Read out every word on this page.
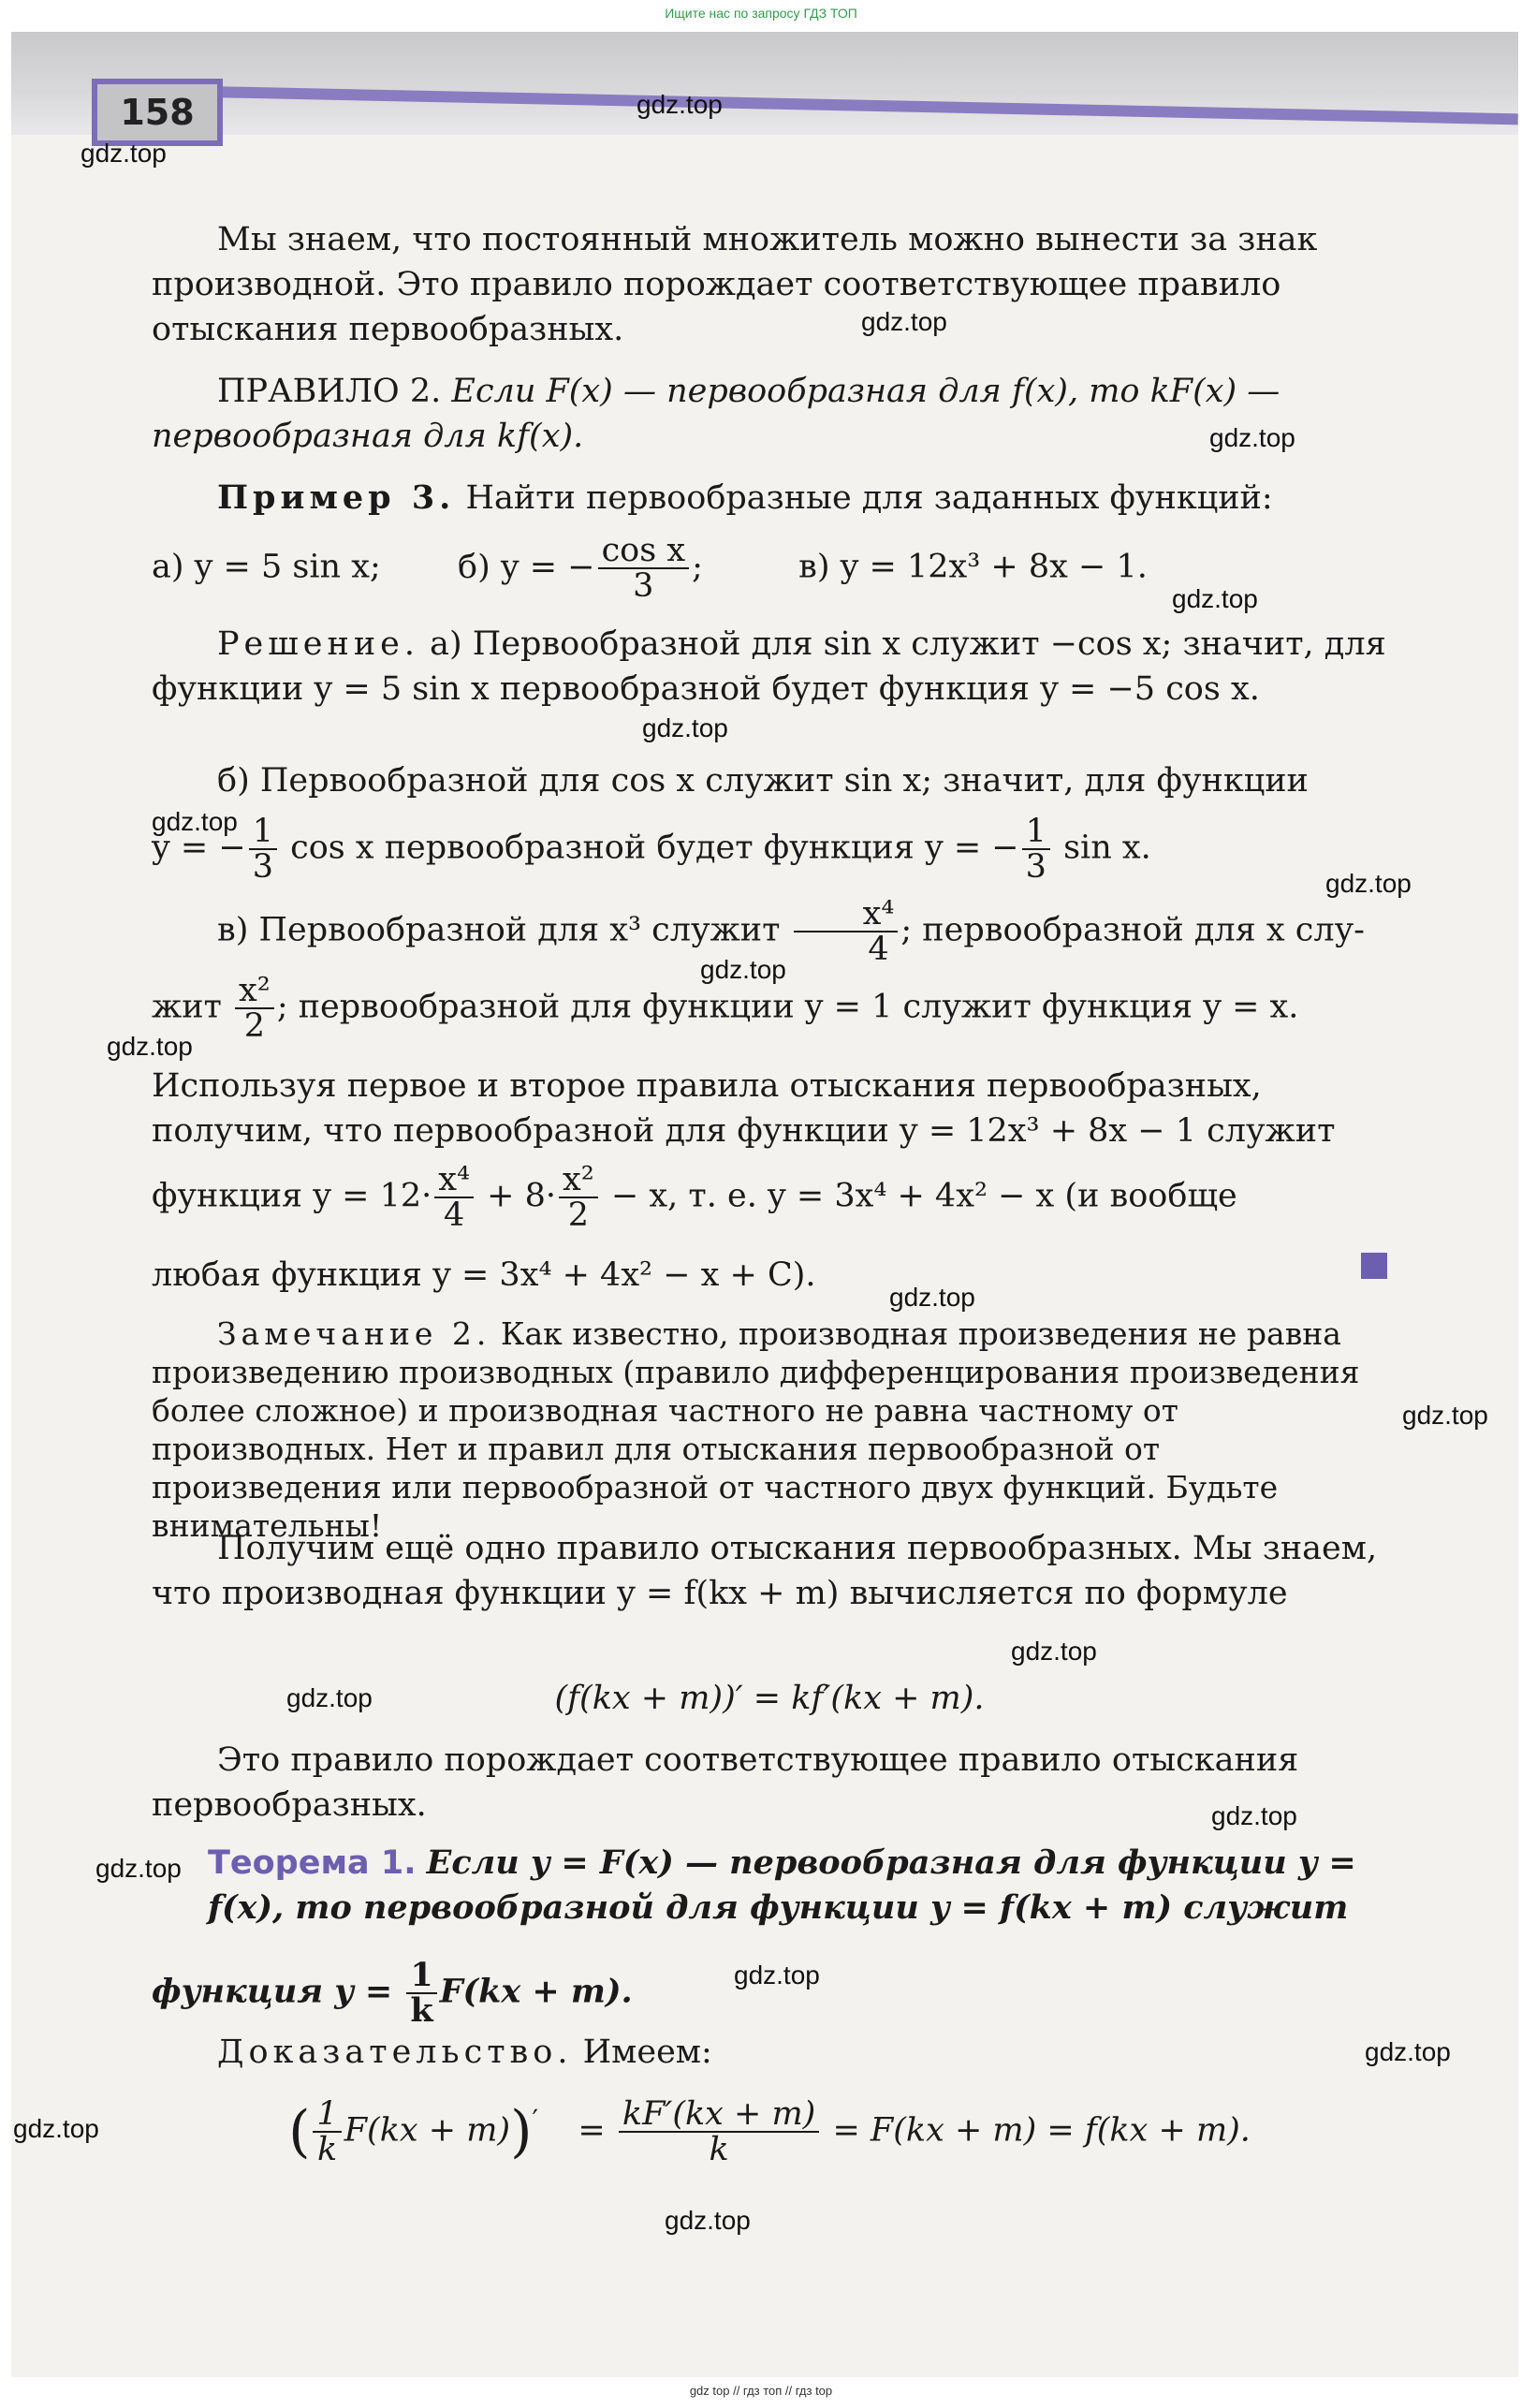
Ищите нас по запросу ГДЗ ТОП
158	gdz.top
gdz.top
gdz.top
gdz.top
gdz.top
gdz.top
gdz.top
gdz.top
gdz.top
gdz.top
gdz.top
gdz.top
gdz.top
gdz.top
gdz.top
gdz.top
gdz.top
gdz.top
gdz.top
gdz.top
Мы знаем, что постоянный множитель можно вынести за знак производной. Это правило порождает соответствующее правило отыскания первообразных.
ПРАВИЛО 2. Если F(x) — первообразная для f(x), то kF(x) — первообразная для kf(x).
Пример 3. Найти первообразные для заданных функций:
а) y = 5 sin x; б) y = − $\frac{\text{cos x}}{3}$ ;	в) y = 12x³ + 8x − 1.
Решение. а) Первообразной для sin x служит −cos x; значит, для функции y = 5 sin x первообразной будет функция y = −5 cos x.
б) Первообразной для cos x служит sin x; значит, для функции
y = − $\frac{1}{3}$ cos x первообразной будет функция y = − $\frac{1}{3}$ sin x.
в) Первообразной для x³ служит $\frac{\text{x⁴}}{4}$ ; первообразной для x слу-
жит $\frac{\text{x²}}{2}$ ; первообразной для функции y = 1 служит функция y = x.
Используя первое и второе правила отыскания первообразных, получим, что первообразной для функции y = 12x³ + 8x − 1 служит
функция $y = 12\cdot \frac{\text{x⁴}}{4} + 8\cdot \frac{\text{x²}}{2} - x$, т. е. y = 3x⁴ + 4x² − x (и вообще
любая функция y = 3x⁴ + 4x² − x + C).
Замечание 2. Как известно, производная произведения не равна произведению производных (правило дифференцирования произведения более сложное) и производная частного не равна частному от производных. Нет и правил для отыскания первообразной от произведения или первообразной от частного двух функций. Будьте внимательны!
Получим ещё одно правило отыскания первообразных. Мы знаем, что производная функции y = f(kx + m) вычисляется по формуле
(f(kx + m))′ = kf′(kx + m).
Это правило порождает соответствующее правило отыскания первообразных.
Теорема 1. Если y = F(x) — первообразная для функции y = f(x), то первообразной для функции y = f(kx + m) служит
функция $y = \frac{1}{k} F(kx + m)$.
Доказательство. Имеем:
( $\frac{1}{k} F(kx + m))' = \frac{kF'(kx + m)}{k} = F(kx + m) = f(kx + m)$.
gdz top // гдз топ // гдз top
